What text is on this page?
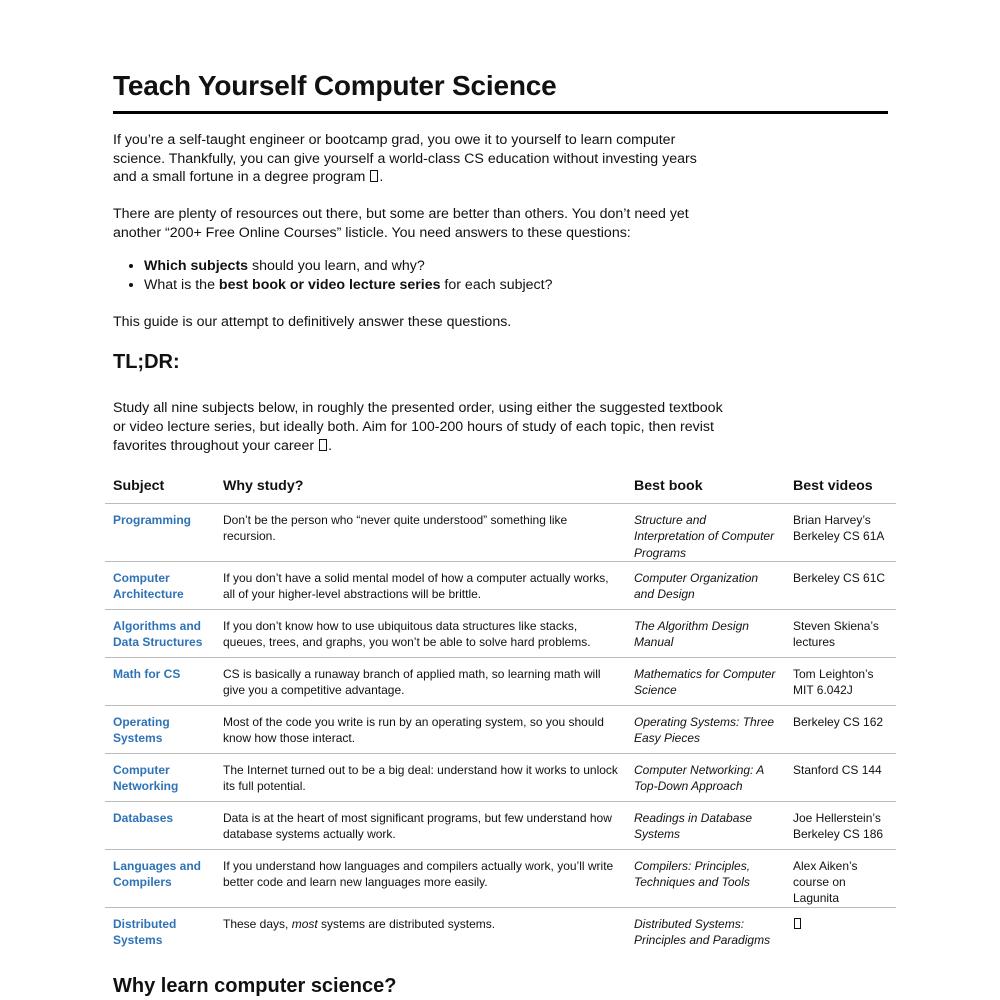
Teach Yourself Computer Science

If you’re a self-taught engineer or bootcamp grad, you owe it to yourself to learn computer science. Thankfully, you can give yourself a world-class CS education without investing years and a small fortune in a degree program .

There are plenty of resources out there, but some are better than others. You don’t need yet another “200+ Free Online Courses” listicle. You need answers to these questions:

• Which subjects should you learn, and why?
• What is the best book or video lecture series for each subject?

This guide is our attempt to definitively answer these questions.

TL;DR:

Study all nine subjects below, in roughly the presented order, using either the suggested textbook or video lecture series, but ideally both. Aim for 100-200 hours of study of each topic, then revist favorites throughout your career .

Subject	Why study?	Best book	Best videos
Programming	Don’t be the person who “never quite understood” something like recursion.	Structure and Interpretation of Computer Programs	Brian Harvey’s Berkeley CS 61A
Computer Architecture	If you don’t have a solid mental model of how a computer actually works, all of your higher-level abstractions will be brittle.	Computer Organization and Design	Berkeley CS 61C
Algorithms and Data Structures	If you don’t know how to use ubiquitous data structures like stacks, queues, trees, and graphs, you won’t be able to solve hard problems.	The Algorithm Design Manual	Steven Skiena’s lectures
Math for CS	CS is basically a runaway branch of applied math, so learning math will give you a competitive advantage.	Mathematics for Computer Science	Tom Leighton’s MIT 6.042J
Operating Systems	Most of the code you write is run by an operating system, so you should know how those interact.	Operating Systems: Three Easy Pieces	Berkeley CS 162
Computer Networking	The Internet turned out to be a big deal: understand how it works to unlock its full potential.	Computer Networking: A Top-Down Approach	Stanford CS 144
Databases	Data is at the heart of most significant programs, but few understand how database systems actually work.	Readings in Database Systems	Joe Hellerstein’s Berkeley CS 186
Languages and Compilers	If you understand how languages and compilers actually work, you’ll write better code and learn new languages more easily.	Compilers: Principles, Techniques and Tools	Alex Aiken’s course on Lagunita
Distributed Systems	These days, most systems are distributed systems.	Distributed Systems: Principles and Paradigms	
Why learn computer science?
